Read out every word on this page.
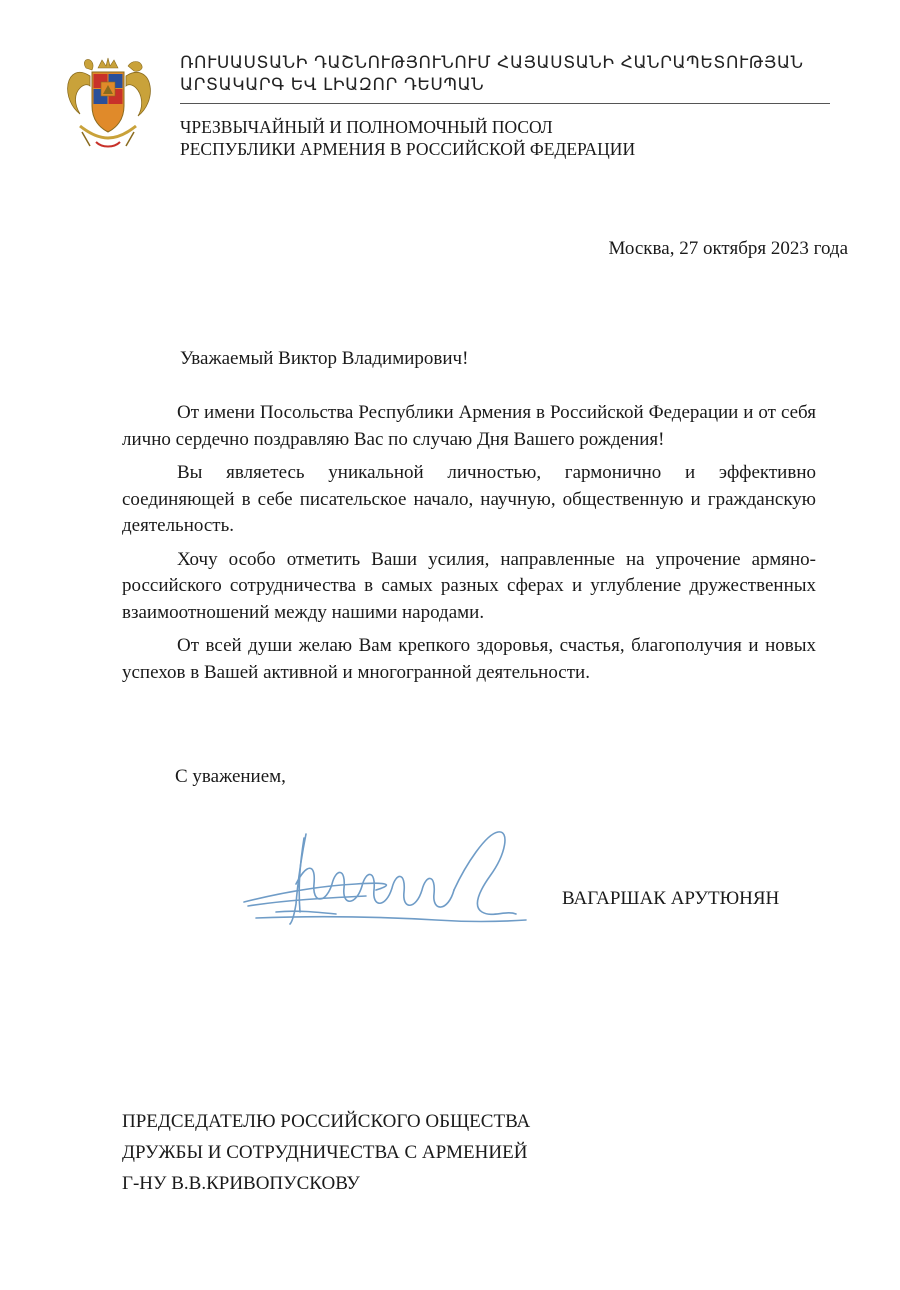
ՌՈՒՍԱՍՏԱՆԻ ԴԱՇՆՈՒԹՅՈՒՆՈՒՄ ՀԱՅԱՍՏԱՆԻ ՀԱՆՐԱՊԵՏՈՒԹՅԱՆ
ԱՐՏԱԿԱՐԳ ԵՎ ԼԻԱԶՈՐ ԴԵՍՊԱՆ
ЧРЕЗВЫЧАЙНЫЙ И ПОЛНОМОЧНЫЙ ПОСОЛ
РЕСПУБЛИКИ АРМЕНИЯ В РОССИЙСКОЙ ФЕДЕРАЦИИ
Москва, 27 октября 2023 года
Уважаемый Виктор Владимирович!

От имени Посольства Республики Армения в Российской Федерации и от себя лично сердечно поздравляю Вас по случаю Дня Вашего рождения!

Вы являетесь уникальной личностью, гармонично и эффективно соединяющей в себе писательское начало, научную, общественную и гражданскую деятельность.

Хочу особо отметить Ваши усилия, направленные на упрочение армяно-российского сотрудничества в самых разных сферах и углубление дружественных взаимоотношений между нашими народами.

От всей души желаю Вам крепкого здоровья, счастья, благополучия и новых успехов в Вашей активной и многогранной деятельности.

С уважением,
ВАГАРШАК АРУТЮНЯН
ПРЕДСЕДАТЕЛЮ РОССИЙСКОГО ОБЩЕСТВА
ДРУЖБЫ И СОТРУДНИЧЕСТВА С АРМЕНИЕЙ
Г-НУ В.В.КРИВОПУСКОВУ
